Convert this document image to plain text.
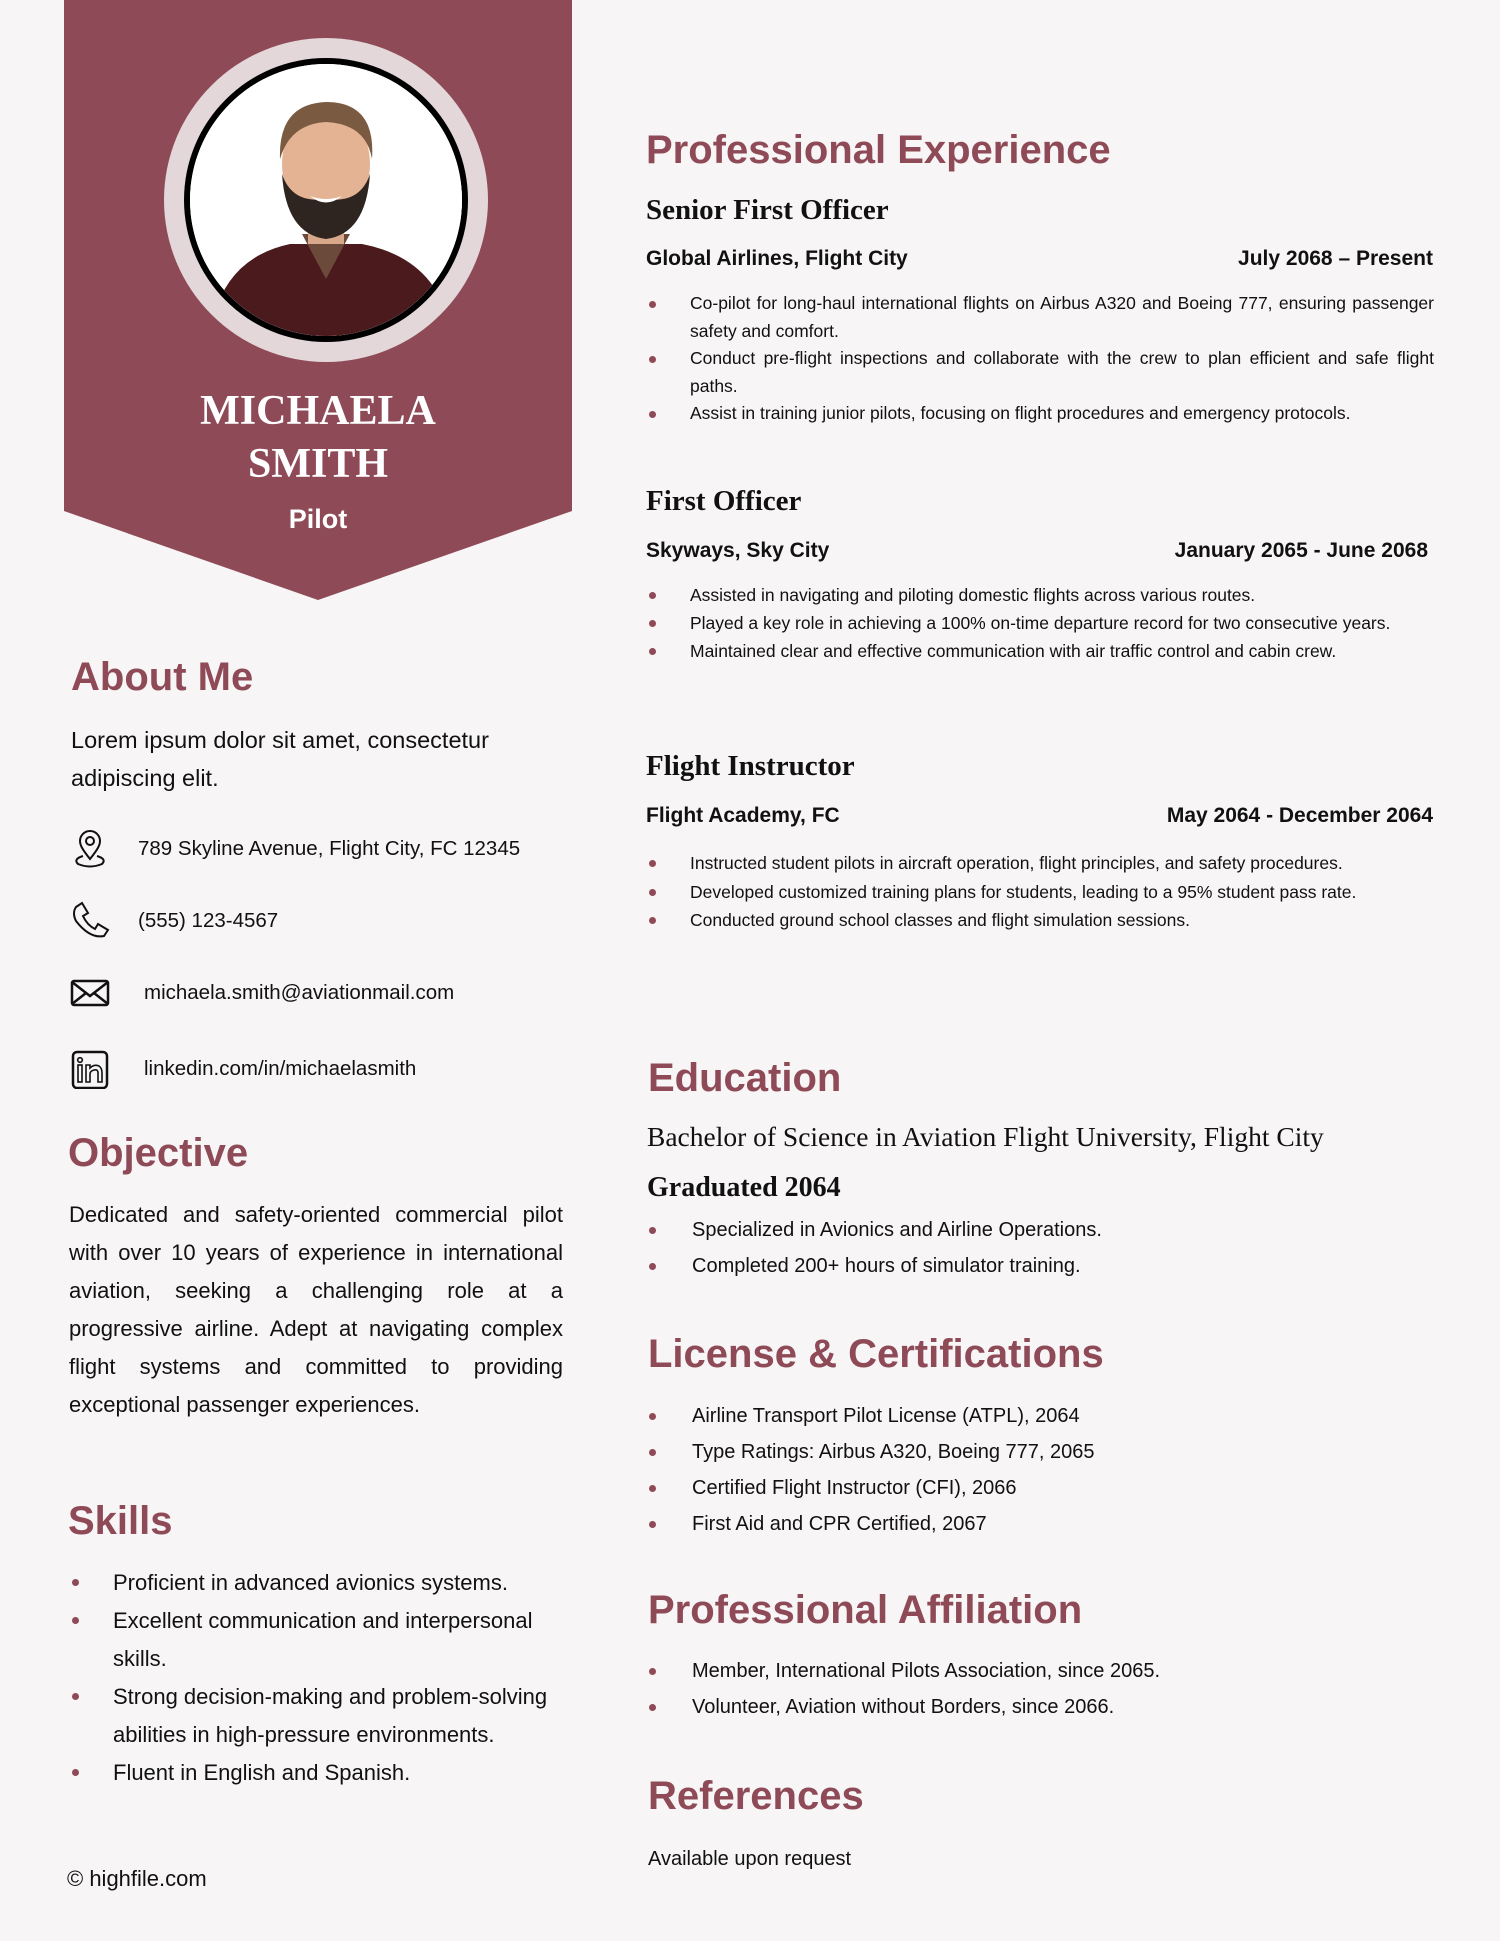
MICHAELA
SMITH
Pilot
About Me
Lorem ipsum dolor sit amet, consectetur adipiscing elit.
789 Skyline Avenue, Flight City, FC 12345
(555) 123-4567
michaela.smith@aviationmail.com
linkedin.com/in/michaelasmith
Objective
Dedicated and safety-oriented commercial pilot with over 10 years of experience in international aviation, seeking a challenging role at a progressive airline. Adept at navigating complex flight systems and committed to providing exceptional passenger experiences.
Skills
Proficient in advanced avionics systems.
Excellent communication and interpersonal skills.
Strong decision-making and problem-solving abilities in high-pressure environments.
Fluent in English and Spanish.
© highfile.com
Professional Experience
Senior First Officer
Global Airlines, Flight City	July 2068 – Present
Co-pilot for long-haul international flights on Airbus A320 and Boeing 777, ensuring passenger safety and comfort.
Conduct pre-flight inspections and collaborate with the crew to plan efficient and safe flight paths.
Assist in training junior pilots, focusing on flight procedures and emergency protocols.
First Officer
Skyways, Sky City	January 2065 - June 2068
Assisted in navigating and piloting domestic flights across various routes.
Played a key role in achieving a 100% on-time departure record for two consecutive years.
Maintained clear and effective communication with air traffic control and cabin crew.
Flight Instructor
Flight Academy, FC	May 2064 - December 2064
Instructed student pilots in aircraft operation, flight principles, and safety procedures.
Developed customized training plans for students, leading to a 95% student pass rate.
Conducted ground school classes and flight simulation sessions.
Education
Bachelor of Science in Aviation Flight University, Flight City
Graduated 2064
Specialized in Avionics and Airline Operations.
Completed 200+ hours of simulator training.
License & Certifications
Airline Transport Pilot License (ATPL), 2064
Type Ratings: Airbus A320, Boeing 777, 2065
Certified Flight Instructor (CFI), 2066
First Aid and CPR Certified, 2067
Professional Affiliation
Member, International Pilots Association, since 2065.
Volunteer, Aviation without Borders, since 2066.
References
Available upon request
